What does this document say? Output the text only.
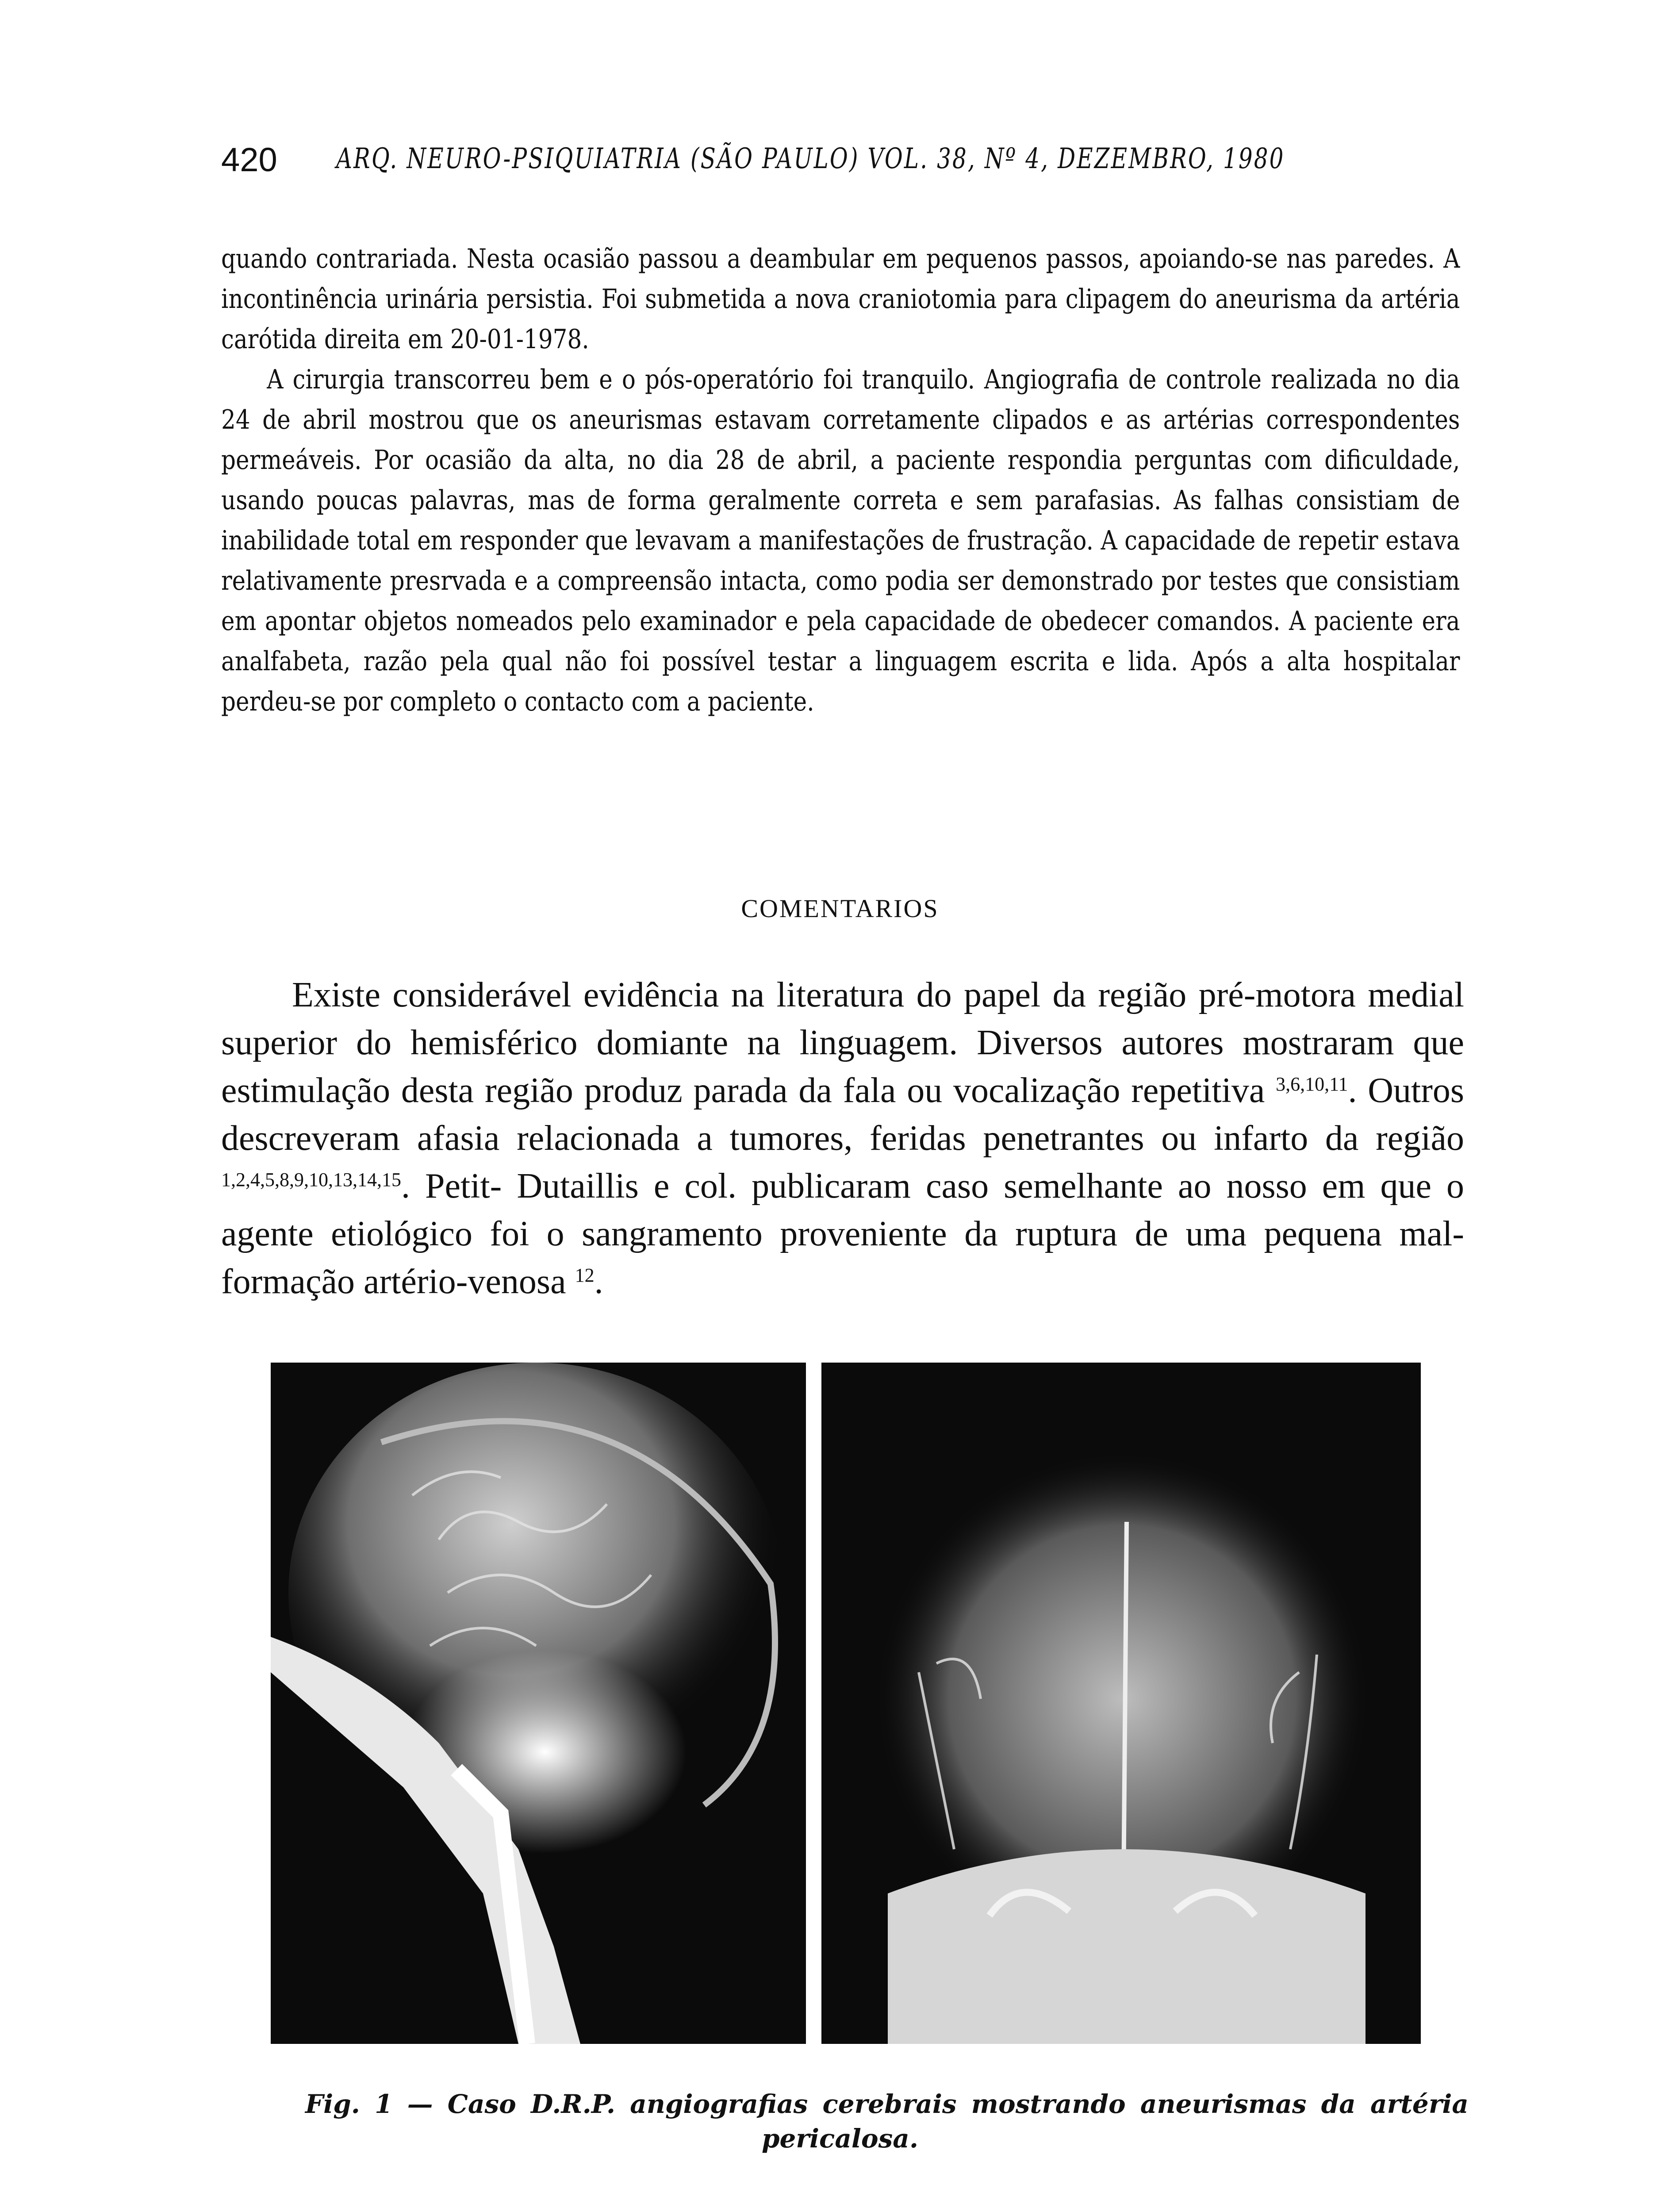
420 ARQ. NEURO-PSIQUIATRIA (SÃO PAULO) VOL. 38, Nº 4, DEZEMBRO, 1980

quando contrariada. Nesta ocasião passou a deambular em pequenos passos, apoiando-se nas paredes. A incontinência urinária persistia. Foi submetida a nova craniotomia para clipagem do aneurisma da artéria carótida direita em 20-01-1978.

A cirurgia transcorreu bem e o pós-operatório foi tranquilo. Angiografia de controle realizada no dia 24 de abril mostrou que os aneurismas estavam corretamente clipados e as artérias correspondentes permeáveis. Por ocasião da alta, no dia 28 de abril, a paciente respondia perguntas com dificuldade, usando poucas palavras, mas de forma geralmente correta e sem parafasias. As falhas consistiam de inabilidade total em responder que levavam a manifestações de frustração. A capacidade de repetir estava relativamente presrvada e a compreensão intacta, como podia ser demonstrado por testes que consistiam em apontar objetos nomeados pelo examinador e pela capacidade de obedecer comandos. A paciente era analfabeta, razão pela qual não foi possível testar a linguagem escrita e lida. Após a alta hospitalar perdeu-se por completo o contacto com a paciente.

COMENTARIOS

Existe considerável evidência na literatura do papel da região pré-motora medial superior do hemisférico domiante na linguagem. Diversos autores mostraram que estimulação desta região produz parada da fala ou vocalização repetitiva $^{3,6,10,11}$. Outros descreveram afasia relacionada a tumores, feridas penetrantes ou infarto da região $^{1,2,4,5,8,9,10,13,14,15}$. Petit- Dutaillis e col. publicaram caso semelhante ao nosso em que o agente etiológico foi o sangramento proveniente da ruptura de uma pequena mal-formação artério-venosa $^{12}$.

Fig. 1 — Caso D.R.P. angiografias cerebrais mostrando aneurismas da artéria
pericalosa.
